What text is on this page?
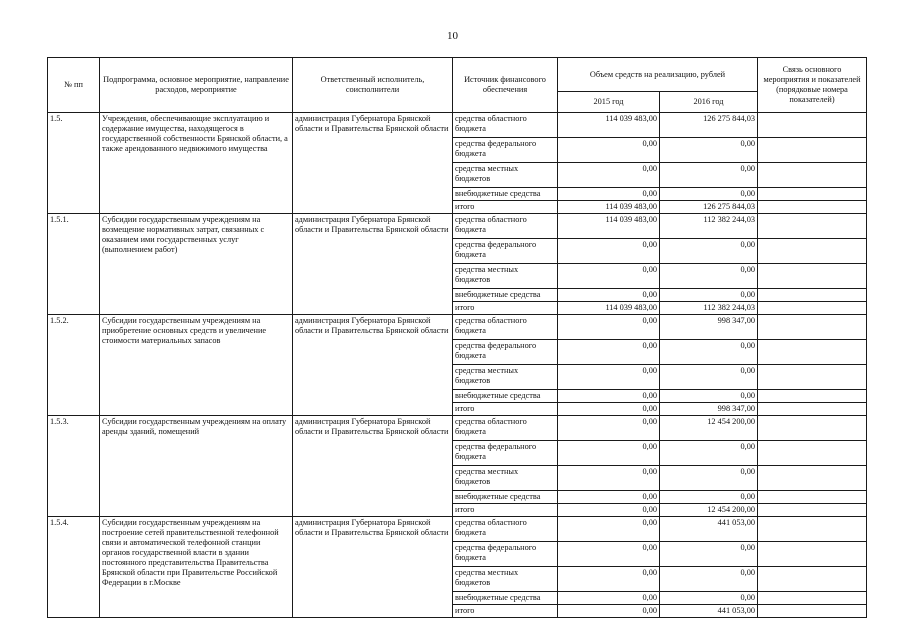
10
№ пп	Подпрограмма, основное мероприятие, направление расходов, мероприятие	Ответственный исполнитель, соисполнители	Источник финансового обеспечения	Объем средств на реализацию, рублей		Связь основного мероприятия и показателей (порядковые номера показателей)
				2015 год	2016 год	
1.5.	Учреждения, обеспечивающие эксплуатацию и содержание имущества, находящегося в государственной собственности Брянской области, а также арендованного недвижимого имущества	администрация Губернатора Брянской области и Правительства Брянской области	средства областного бюджета	114 039 483,00	126 275 844,03	
			средства федерального бюджета	0,00	0,00	
			средства местных бюджетов	0,00	0,00	
			внебюджетные средства	0,00	0,00	
			итого	114 039 483,00	126 275 844,03	
1.5.1.	Субсидии государственным учреждениям на возмещение нормативных затрат, связанных с оказанием ими государственных услуг (выполнением работ)	администрация Губернатора Брянской области и Правительства Брянской области	средства областного бюджета	114 039 483,00	112 382 244,03	
			средства федерального бюджета	0,00	0,00	
			средства местных бюджетов	0,00	0,00	
			внебюджетные средства	0,00	0,00	
			итого	114 039 483,00	112 382 244,03	
1.5.2.	Субсидии государственным учреждениям на приобретение основных средств и увеличение стоимости материальных запасов	администрация Губернатора Брянской области и Правительства Брянской области	средства областного бюджета	0,00	998 347,00	
			средства федерального бюджета	0,00	0,00	
			средства местных бюджетов	0,00	0,00	
			внебюджетные средства	0,00	0,00	
			итого	0,00	998 347,00	
1.5.3.	Субсидии государственным учреждениям на оплату аренды зданий, помещений	администрация Губернатора Брянской области и Правительства Брянской области	средства областного бюджета	0,00	12 454 200,00	
			средства федерального бюджета	0,00	0,00	
			средства местных бюджетов	0,00	0,00	
			внебюджетные средства	0,00	0,00	
			итого	0,00	12 454 200,00	
1.5.4.	Субсидии государственным учреждениям на построение сетей правительственной телефонной связи и автоматической телефонной станции органов государственной власти в здании постоянного представительства Правительства Брянской области при Правительстве Российской Федерации в г.Москве	администрация Губернатора Брянской области и Правительства Брянской области	средства областного бюджета	0,00	441 053,00	
			средства федерального бюджета	0,00	0,00	
			средства местных бюджетов	0,00	0,00	
			внебюджетные средства	0,00	0,00	
			итого	0,00	441 053,00	
